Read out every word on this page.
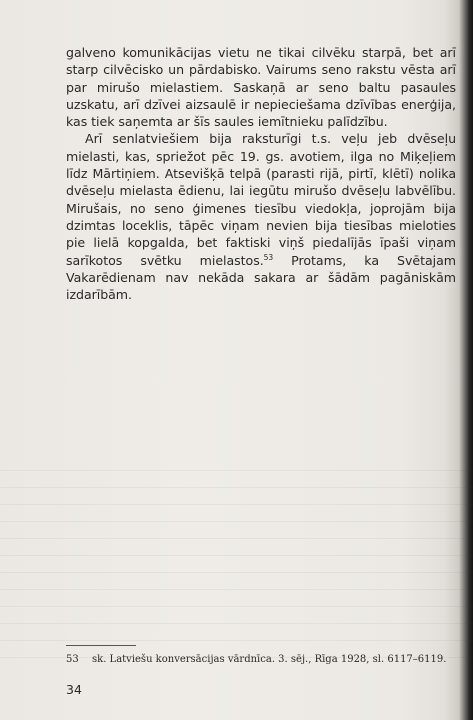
galveno komunikācijas vietu ne tikai cilvēku starpā, bet arī starp cilvēcisko un pārdabisko. Vairums seno rakstu vēsta arī par mirušo mielastiem. Saskaņā ar seno baltu pasaules uzskatu, arī dzīvei aizsaulē ir nepieciešama dzīvības enerģija, kas tiek saņemta ar šīs saules iemītnieku palīdzību.

Arī senlatviešiem bija raksturīgi t.s. veļu jeb dvēseļu mielasti, kas, spriežot pēc 19. gs. avotiem, ilga no Miķeļiem līdz Mārtiņiem. Atsevišķā telpā (parasti rijā, pirtī, klētī) nolika dvēseļu mielasta ēdienu, lai iegūtu mirušo dvēseļu labvēlību. Mirušais, no seno ģimenes tiesību viedokļa, joprojām bija dzimtas loceklis, tāpēc viņam nevien bija tiesības mieloties pie lielā kopgalda, bet faktiski viņš piedalījās īpaši viņam sarīkotos svētku mielastos.$^{53}$ Protams, ka Svētajam Vakarēdienam nav nekāda sakara ar šādām pagāniskām izdarībām.

53 sk. Latviešu konversācijas vārdnīca. 3. sēj., Rīga 1928, sl. 6117–6119.
34
